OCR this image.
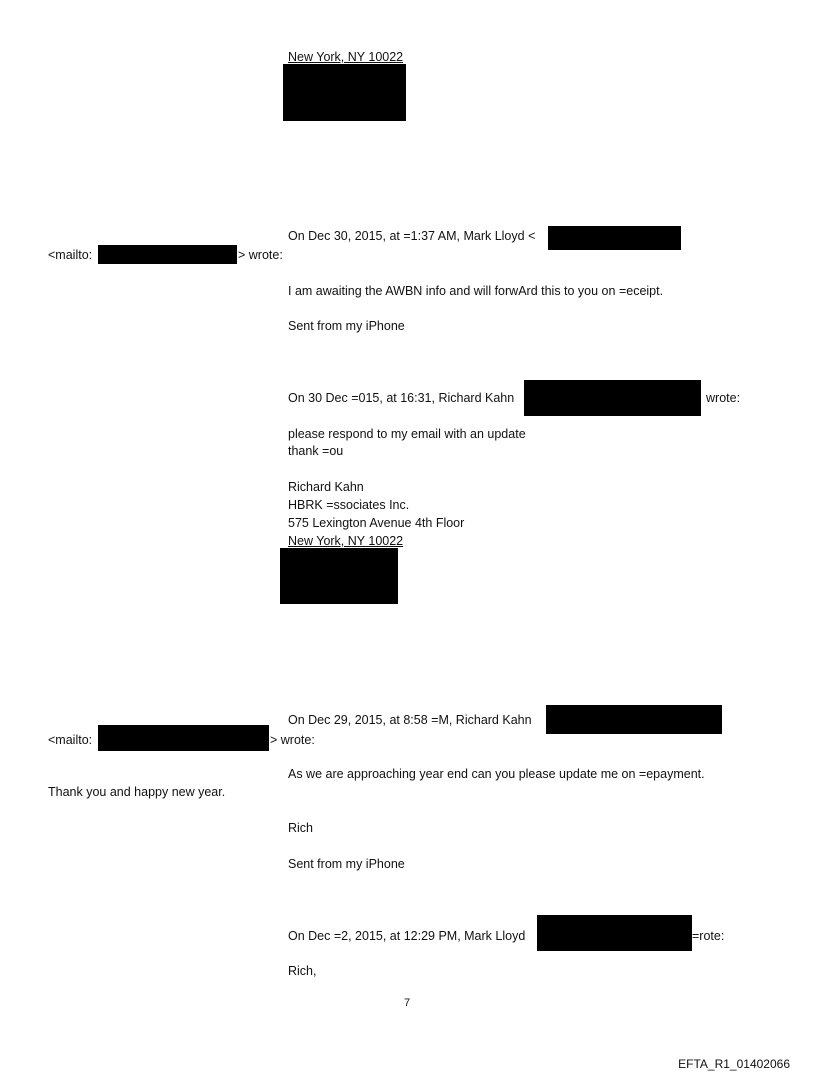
New York, NY 10022
On Dec 30, 2015, at =1:37 AM, Mark Lloyd <
<mailto:	> wrote:
I am awaiting the AWBN info and will forwArd this to you on =eceipt.
Sent from my iPhone
On 30 Dec =015, at 16:31, Richard Kahn	wrote:
please respond to my email with an update
thank =ou
Richard Kahn
HBRK =ssociates Inc.
575 Lexington Avenue 4th Floor
New York, NY 10022
On Dec 29, 2015, at 8:58 =M, Richard Kahn
<mailto:	> wrote:
As we are approaching year end can you please update me on =epayment.
Thank you and happy new year.
Rich
Sent from my iPhone
On Dec =2, 2015, at 12:29 PM, Mark Lloyd	=rote:
Rich,
7
EFTA_R1_01402066
